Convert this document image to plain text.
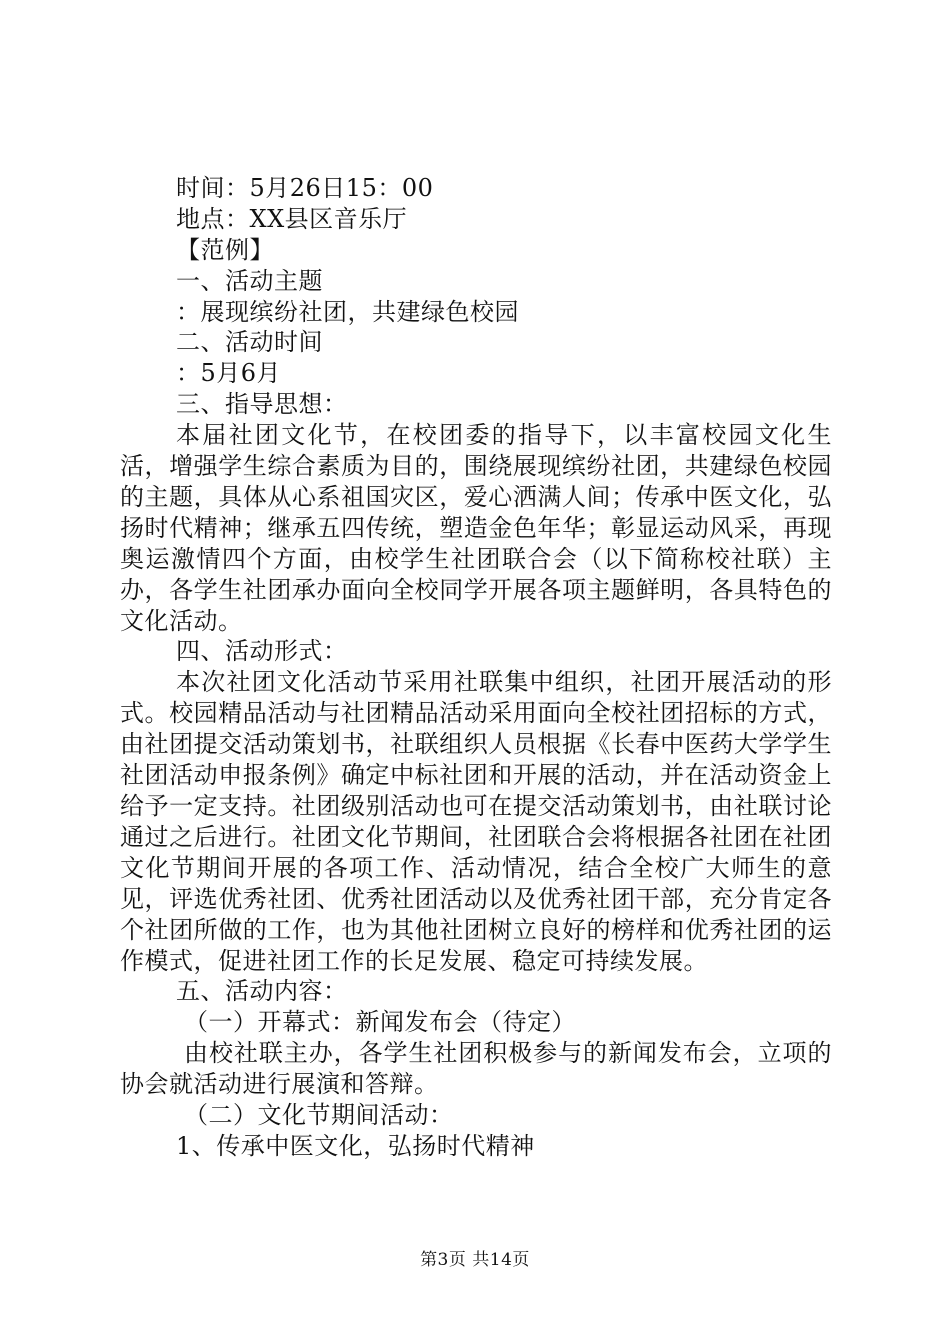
时间：5月26日15：00
地点：XX县区音乐厅
【范例】
一、活动主题
：展现缤纷社团，共建绿色校园
二、活动时间
：5月6月
三、指导思想：
本届社团文化节，在校团委的指导下，以丰富校园文化生活，增强学生综合素质为目的，围绕展现缤纷社团，共建绿色校园的主题，具体从心系祖国灾区，爱心洒满人间；传承中医文化，弘扬时代精神；继承五四传统，塑造金色年华；彰显运动风采，再现奥运激情四个方面，由校学生社团联合会（以下简称校社联）主办，各学生社团承办面向全校同学开展各项主题鲜明，各具特色的文化活动。
四、活动形式：
本次社团文化活动节采用社联集中组织，社团开展活动的形式。校园精品活动与社团精品活动采用面向全校社团招标的方式，由社团提交活动策划书，社联组织人员根据《长春中医药大学学生社团活动申报条例》确定中标社团和开展的活动，并在活动资金上给予一定支持。社团级别活动也可在提交活动策划书，由社联讨论通过之后进行。社团文化节期间，社团联合会将根据各社团在社团文化节期间开展的各项工作、活动情况，结合全校广大师生的意见，评选优秀社团、优秀社团活动以及优秀社团干部，充分肯定各个社团所做的工作，也为其他社团树立良好的榜样和优秀社团的运作模式，促进社团工作的长足发展、稳定可持续发展。
五、活动内容：
（一）开幕式：新闻发布会（待定）
由校社联主办，各学生社团积极参与的新闻发布会，立项的协会就活动进行展演和答辩。
（二）文化节期间活动：
1、传承中医文化，弘扬时代精神
第3页 共14页
